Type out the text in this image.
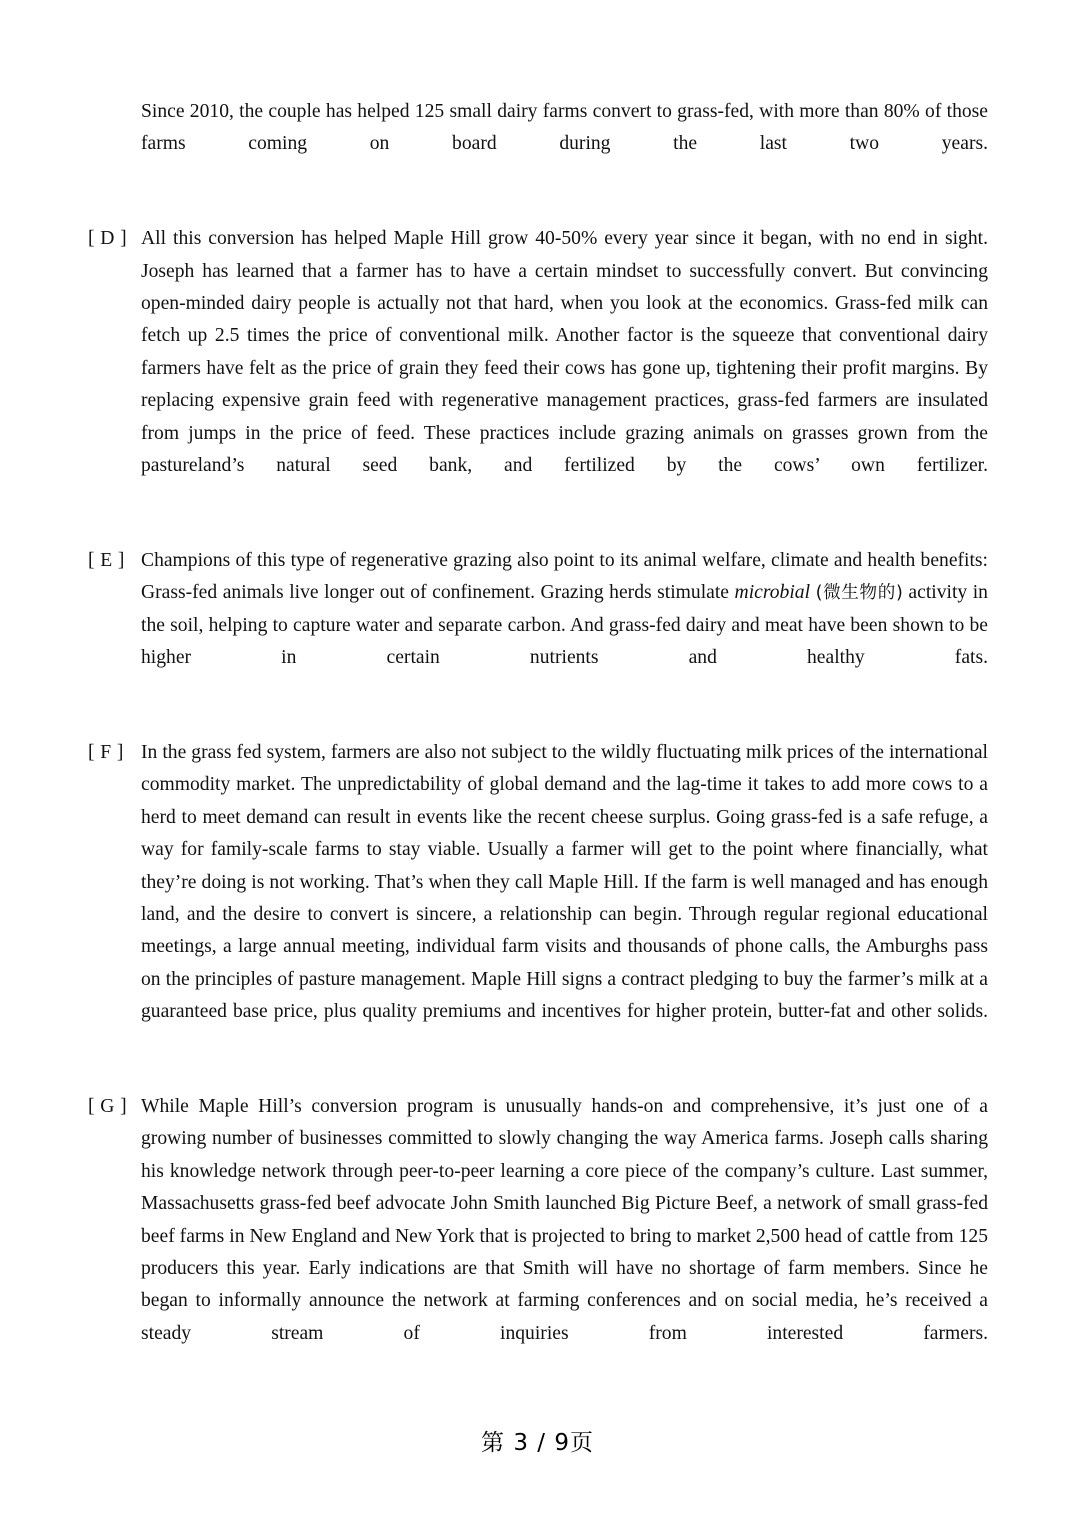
Since 2010, the couple has helped 125 small dairy farms convert to grass-fed, with more than 80% of those farms coming on board during the last two years.

[ D ] All this conversion has helped Maple Hill grow 40-50% every year since it began, with no end in sight. Joseph has learned that a farmer has to have a certain mindset to successfully convert. But convincing open-minded dairy people is actually not that hard, when you look at the economics. Grass-fed milk can fetch up 2.5 times the price of conventional milk. Another factor is the squeeze that conventional dairy farmers have felt as the price of grain they feed their cows has gone up, tightening their profit margins. By replacing expensive grain feed with regenerative management practices, grass-fed farmers are insulated from jumps in the price of feed. These practices include grazing animals on grasses grown from the pastureland’s natural seed bank, and fertilized by the cows’ own fertilizer.

[ E ] Champions of this type of regenerative grazing also point to its animal welfare, climate and health benefits: Grass-fed animals live longer out of confinement. Grazing herds stimulate microbial (微生物的) activity in the soil, helping to capture water and separate carbon. And grass-fed dairy and meat have been shown to be higher in certain nutrients and healthy fats.

[ F ] In the grass fed system, farmers are also not subject to the wildly fluctuating milk prices of the international commodity market. The unpredictability of global demand and the lag-time it takes to add more cows to a herd to meet demand can result in events like the recent cheese surplus. Going grass-fed is a safe refuge, a way for family-scale farms to stay viable. Usually a farmer will get to the point where financially, what they’re doing is not working. That’s when they call Maple Hill. If the farm is well managed and has enough land, and the desire to convert is sincere, a relationship can begin. Through regular regional educational meetings, a large annual meeting, individual farm visits and thousands of phone calls, the Amburghs pass on the principles of pasture management. Maple Hill signs a contract pledging to buy the farmer’s milk at a guaranteed base price, plus quality premiums and incentives for higher protein, butter-fat and other solids.

[ G ] While Maple Hill’s conversion program is unusually hands-on and comprehensive, it’s just one of a growing number of businesses committed to slowly changing the way America farms. Joseph calls sharing his knowledge network through peer-to-peer learning a core piece of the company’s culture. Last summer, Massachusetts grass-fed beef advocate John Smith launched Big Picture Beef, a network of small grass-fed beef farms in New England and New York that is projected to bring to market 2,500 head of cattle from 125 producers this year. Early indications are that Smith will have no shortage of farm members. Since he began to informally announce the network at farming conferences and on social media, he’s received a steady stream of inquiries from interested farmers.

第 3 / 9页
